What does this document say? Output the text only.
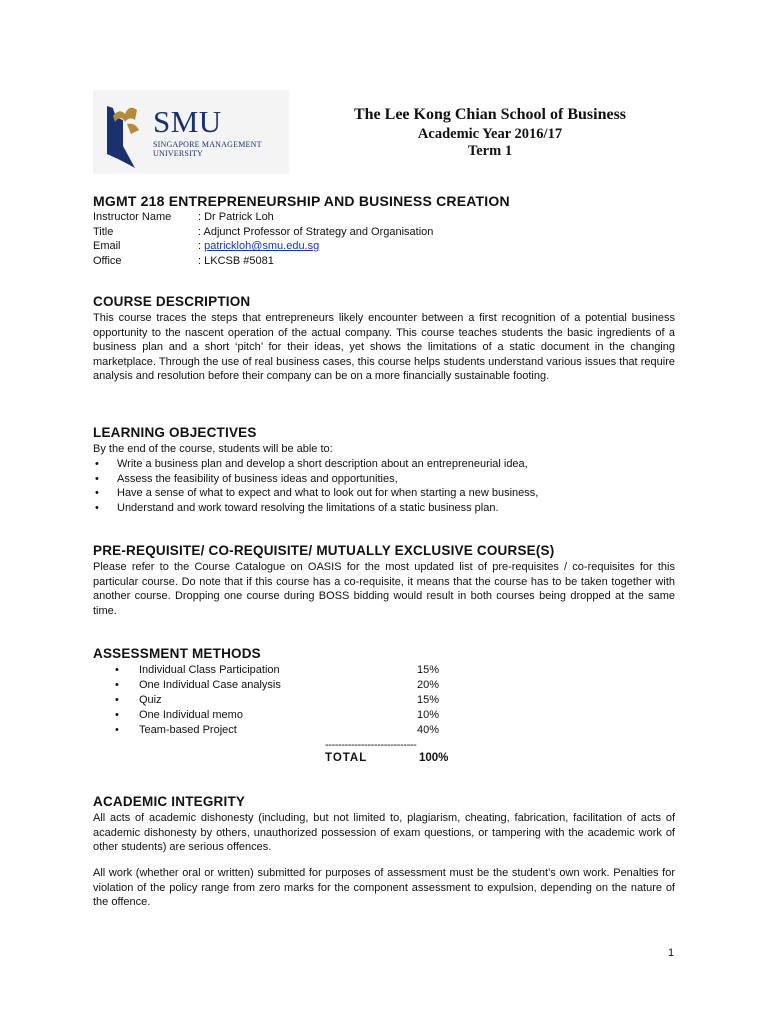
SMU
SINGAPORE MANAGEMENT
UNIVERSITY
The Lee Kong Chian School of Business
Academic Year 2016/17
Term 1
MGMT 218 ENTREPRENEURSHIP AND BUSINESS CREATION
Instructor Name	: Dr Patrick Loh
Title	: Adjunct Professor of Strategy and Organisation
Email	: patrickloh@smu.edu.sg
Office	: LKCSB #5081
COURSE DESCRIPTION
This course traces the steps that entrepreneurs likely encounter between a first recognition of a potential business opportunity to the nascent operation of the actual company. This course teaches students the basic ingredients of a business plan and a short ‘pitch’ for their ideas, yet shows the limitations of a static document in the changing marketplace. Through the use of real business cases, this course helps students understand various issues that require analysis and resolution before their company can be on a more financially sustainable footing.
LEARNING OBJECTIVES
By the end of the course, students will be able to:
• Write a business plan and develop a short description about an entrepreneurial idea,
• Assess the feasibility of business ideas and opportunities,
• Have a sense of what to expect and what to look out for when starting a new business,
• Understand and work toward resolving the limitations of a static business plan.
PRE-REQUISITE/ CO-REQUISITE/ MUTUALLY EXCLUSIVE COURSE(S)
Please refer to the Course Catalogue on OASIS for the most updated list of pre-requisites / co-requisites for this particular course. Do note that if this course has a co-requisite, it means that the course has to be taken together with another course. Dropping one course during BOSS bidding would result in both courses being dropped at the same time.
ASSESSMENT METHODS
• Individual Class Participation	15%
• One Individual Case analysis	20%
• Quiz	15%
• One Individual memo	10%
• Team-based Project	40%
----------------------------
TOTAL	100%
ACADEMIC INTEGRITY
All acts of academic dishonesty (including, but not limited to, plagiarism, cheating, fabrication, facilitation of acts of academic dishonesty by others, unauthorized possession of exam questions, or tampering with the academic work of other students) are serious offences.
All work (whether oral or written) submitted for purposes of assessment must be the student’s own work. Penalties for violation of the policy range from zero marks for the component assessment to expulsion, depending on the nature of the offence.
1
